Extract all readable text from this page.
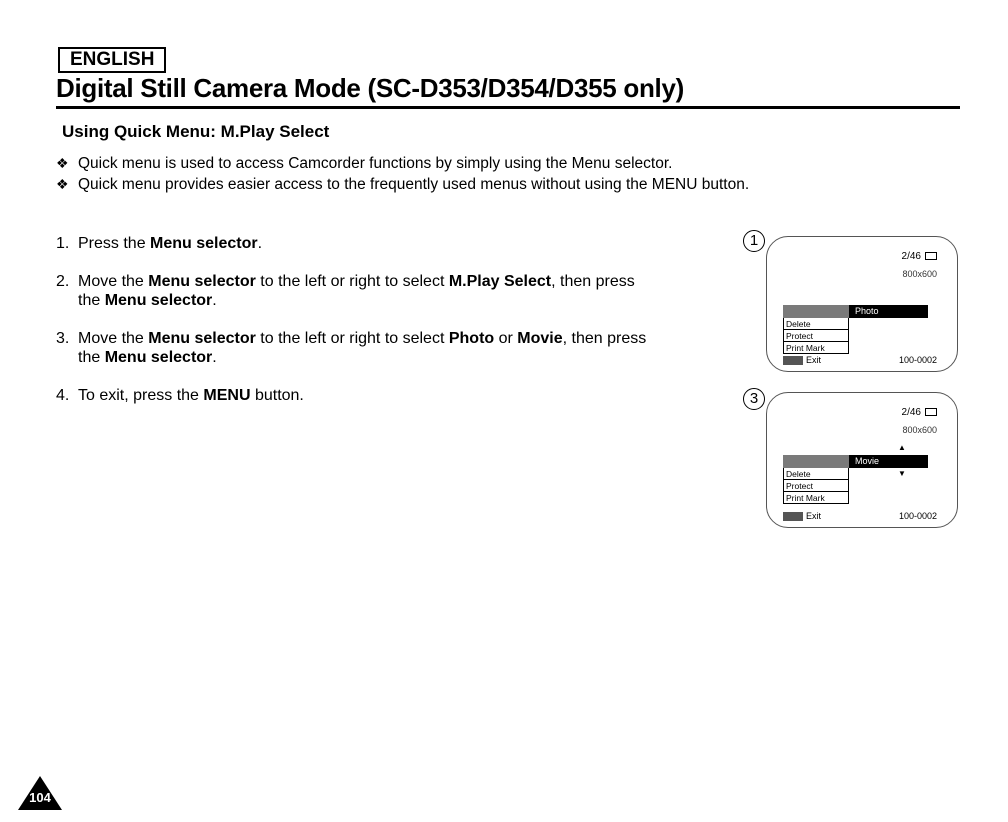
ENGLISH
Digital Still Camera Mode (SC-D353/D354/D355 only)
Using Quick Menu: M.Play Select
❖ Quick menu is used to access Camcorder functions by simply using the Menu selector.
❖ Quick menu provides easier access to the frequently used menus without using the MENU button.
1. Press the Menu selector.
2. Move the Menu selector to the left or right to select M.Play Select, then press
the Menu selector.
3. Move the Menu selector to the left or right to select Photo or Movie, then press
the Menu selector.
4. To exit, press the MENU button.
1
2/46
800x600
Photo
Delete
Protect
Print Mark
Exit	100-0002
3
2/46
800x600
▲
Movie
▼
Delete
Protect
Print Mark
Exit	100-0002
104
